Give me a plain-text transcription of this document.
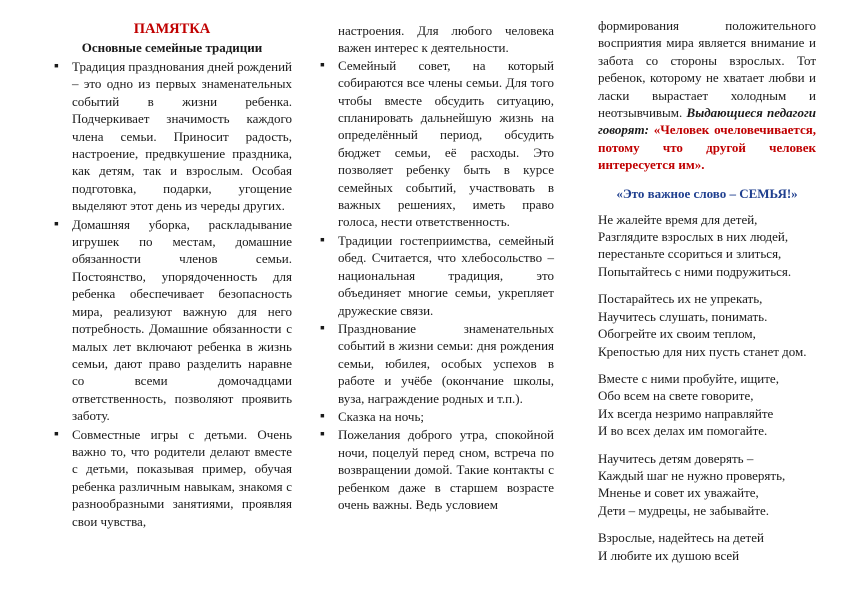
ПАМЯТКА
Основные семейные традиции
▪ Традиция празднования дней рождений – это одно из первых знаменательных событий в жизни ребенка. Подчеркивает значимость каждого члена семьи. Приносит радость, настроение, предвкушение праздника, как детям, так и взрослым. Особая подготовка, подарки, угощение выделяют этот день из череды других.
▪ Домашняя уборка, раскладывание игрушек по местам, домашние обязанности членов семьи. Постоянство, упорядоченность для ребенка обеспечивает безопасность мира, реализуют важную для него потребность. Домашние обязанности с малых лет включают ребенка в жизнь семьи, дают право разделить наравне со всеми домочадцами ответственность, позволяют проявить заботу.
▪ Совместные игры с детьми. Очень важно то, что родители делают вместе с детьми, показывая пример, обучая ребенка различным навыкам, знакомя с разнообразными занятиями, проявляя свои чувства,

настроения. Для любого человека важен интерес к деятельности.

▪ Семейный совет, на который собираются все члены семьи. Для того чтобы вместе обсудить ситуацию, спланировать дальнейшую жизнь на определённый период, обсудить бюджет семьи, её расходы. Это позволяет ребенку быть в курсе семейных событий, участвовать в важных решениях, иметь право голоса, нести ответственность.
▪ Традиции гостеприимства, семейный обед. Считается, что хлебосольство – национальная традиция, это объединяет многие семьи, укрепляет дружеские связи.
▪ Празднование знаменательных событий в жизни семьи: дня рождения семьи, юбилея, особых успехов в работе и учёбе (окончание школы, вуза, награждение родных и т.п.).
▪ Сказка на ночь;
▪ Пожелания доброго утра, спокойной ночи, поцелуй перед сном, встреча по возвращении домой. Такие контакты с ребенком даже в старшем возрасте очень важны. Ведь условием

формирования положительного восприятия мира является внимание и забота со стороны взрослых. Тот ребенок, которому не хватает любви и ласки вырастает холодным и неотзывчивым. Выдающиеся педагоги говорят: «Человек очеловечивается, потому что другой человек интересуется им».

«Это важное слово – СЕМЬЯ!»
Не жалейте время для детей,
Разглядите взрослых в них людей,
перестаньте ссориться и злиться,
Попытайтесь с ними подружиться.
Постарайтесь их не упрекать,
Научитесь слушать, понимать.
Обогрейте их своим теплом,
Крепостью для них пусть станет дом.
Вместе с ними пробуйте, ищите,
Обо всем на свете говорите,
Их всегда незримо направляйте
И во всех делах им помогайте.
Научитесь детям доверять –
Каждый шаг не нужно проверять,
Мненье и совет их уважайте,
Дети – мудрецы, не забывайте.
Взрослые, надейтесь на детей
И любите их душою всей
